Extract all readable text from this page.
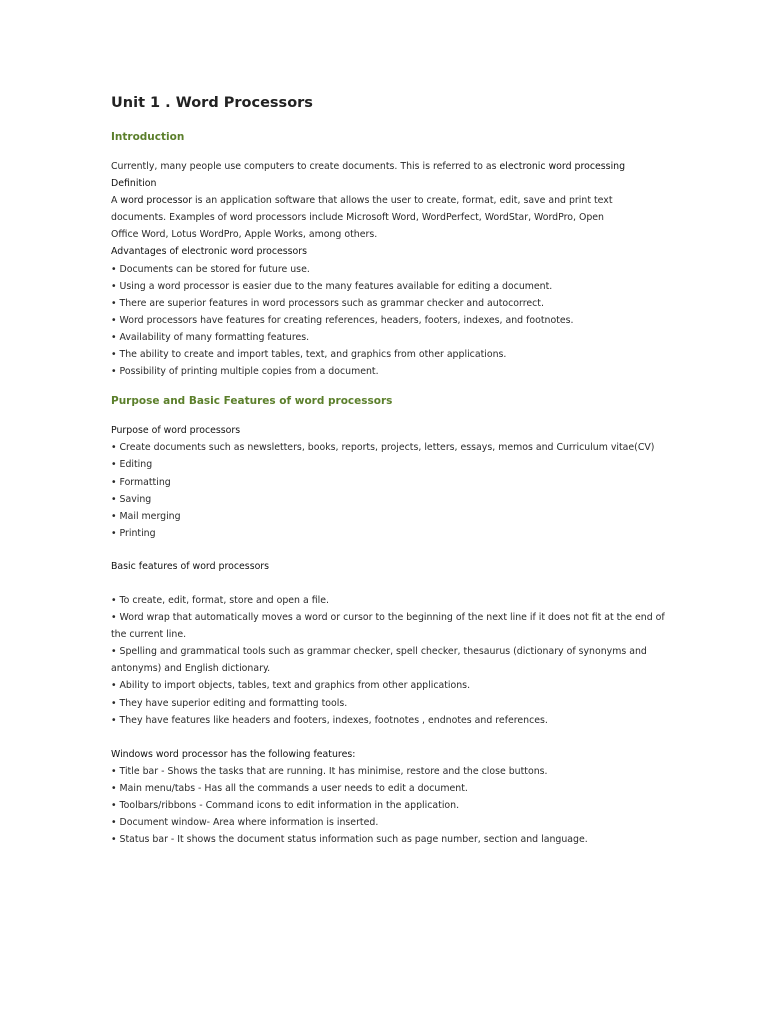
Unit 1 . Word Processors
Introduction

Currently, many people use computers to create documents. This is referred to as electronic word processing

Definition

A word processor is an application software that allows the user to create, format, edit, save and print text

documents. Examples of word processors include Microsoft Word, WordPerfect, WordStar, WordPro, Open

Office Word, Lotus WordPro, Apple Works, among others.

Advantages of electronic word processors

• Documents can be stored for future use.
• Using a word processor is easier due to the many features available for editing a document.
• There are superior features in word processors such as grammar checker and autocorrect.
• Word processors have features for creating references, headers, footers, indexes, and footnotes.
• Availability of many formatting features.
• The ability to create and import tables, text, and graphics from other applications.
• Possibility of printing multiple copies from a document.
Purpose and Basic Features of word processors

Purpose of word processors

• Create documents such as newsletters, books, reports, projects, letters, essays, memos and Curriculum vitae(CV)
• Editing
• Formatting
• Saving
• Mail merging
• Printing

Basic features of word processors

• To create, edit, format, store and open a file.
• Word wrap that automatically moves a word or cursor to the beginning of the next line if it does not fit at the end of the current line.
• Spelling and grammatical tools such as grammar checker, spell checker, thesaurus (dictionary of synonyms and antonyms) and English dictionary.
• Ability to import objects, tables, text and graphics from other applications.
• They have superior editing and formatting tools.
• They have features like headers and footers, indexes, footnotes , endnotes and references.

Windows word processor has the following features:

• Title bar - Shows the tasks that are running. It has minimise, restore and the close buttons.
• Main menu/tabs - Has all the commands a user needs to edit a document.
• Toolbars/ribbons - Command icons to edit information in the application.
• Document window- Area where information is inserted.
• Status bar - It shows the document status information such as page number, section and language.
